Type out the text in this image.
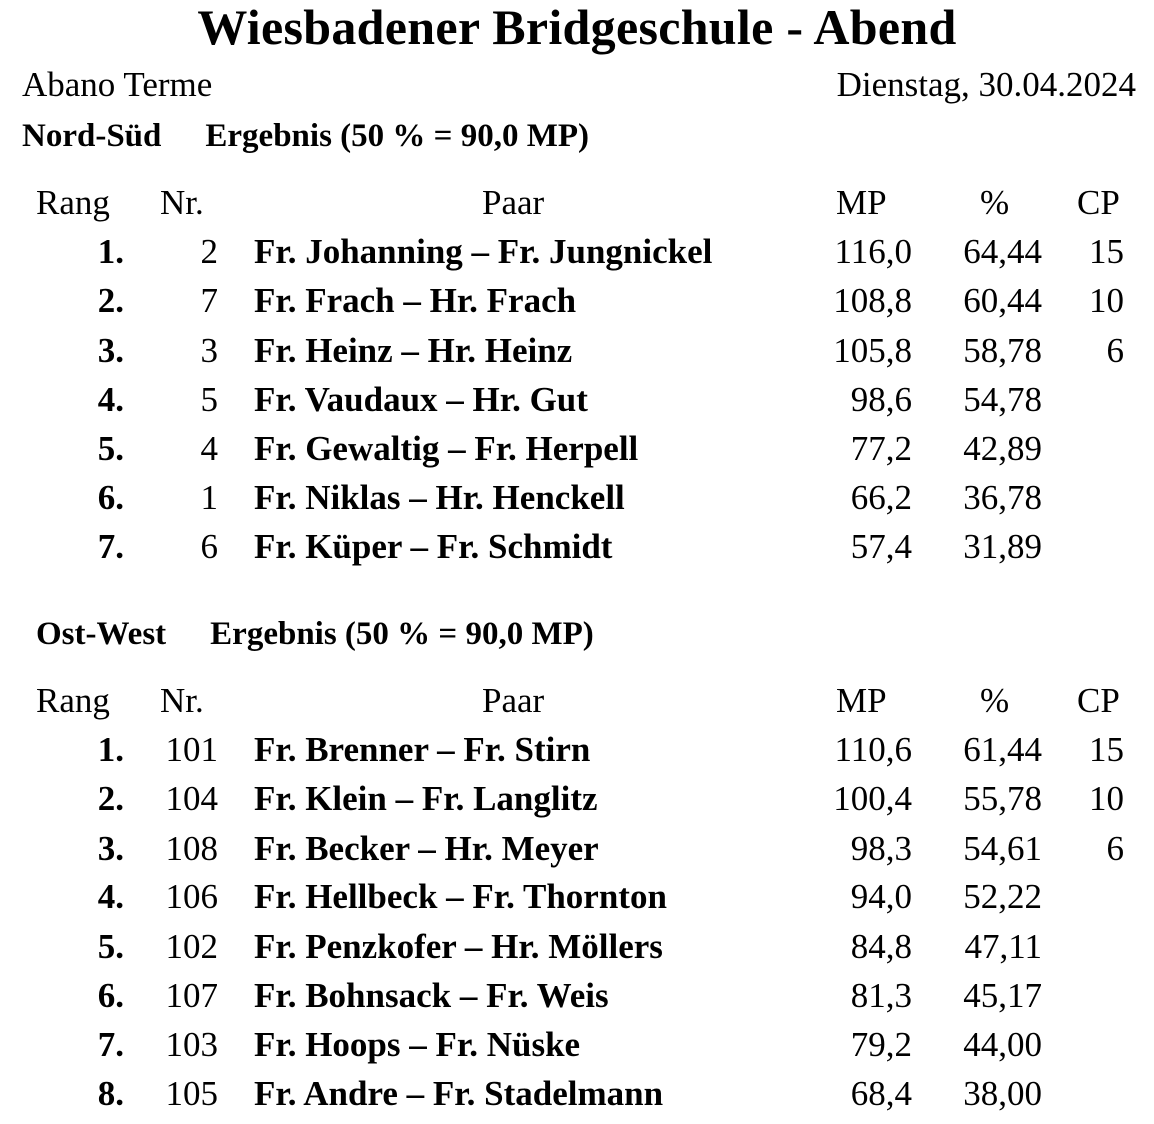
Wiesbadener Bridgeschule - Abend
Abano Terme	Dienstag, 30.04.2024
Nord-Süd Ergebnis (50 % = 90,0 MP)
Rang Nr.	Paar	MP	% CP
1.	2 Fr. Johanning – Fr. Jungnickel	116,0	64,44	15
2.	7 Fr. Frach – Hr. Frach	108,8	60,44	10
3.	3 Fr. Heinz – Hr. Heinz	105,8	58,78	6
4.	5 Fr. Vaudaux – Hr. Gut	98,6	54,78
5.	4 Fr. Gewaltig – Fr. Herpell	77,2	42,89
6.	1 Fr. Niklas – Hr. Henckell	66,2	36,78
7.	6 Fr. Küper – Fr. Schmidt	57,4	31,89
Ost-West Ergebnis (50 % = 90,0 MP)
Rang Nr.	Paar	MP	% CP
1.	101 Fr. Brenner – Fr. Stirn	110,6	61,44	15
2.	104 Fr. Klein – Fr. Langlitz	100,4	55,78	10
3.	108 Fr. Becker – Hr. Meyer	98,3	54,61	6
4.	106 Fr. Hellbeck – Fr. Thornton	94,0	52,22
5.	102 Fr. Penzkofer – Hr. Möllers	84,8	47,11
6.	107 Fr. Bohnsack – Fr. Weis	81,3	45,17
7.	103 Fr. Hoops – Fr. Nüske	79,2	44,00
8.	105 Fr. Andre – Fr. Stadelmann	68,4	38,00
